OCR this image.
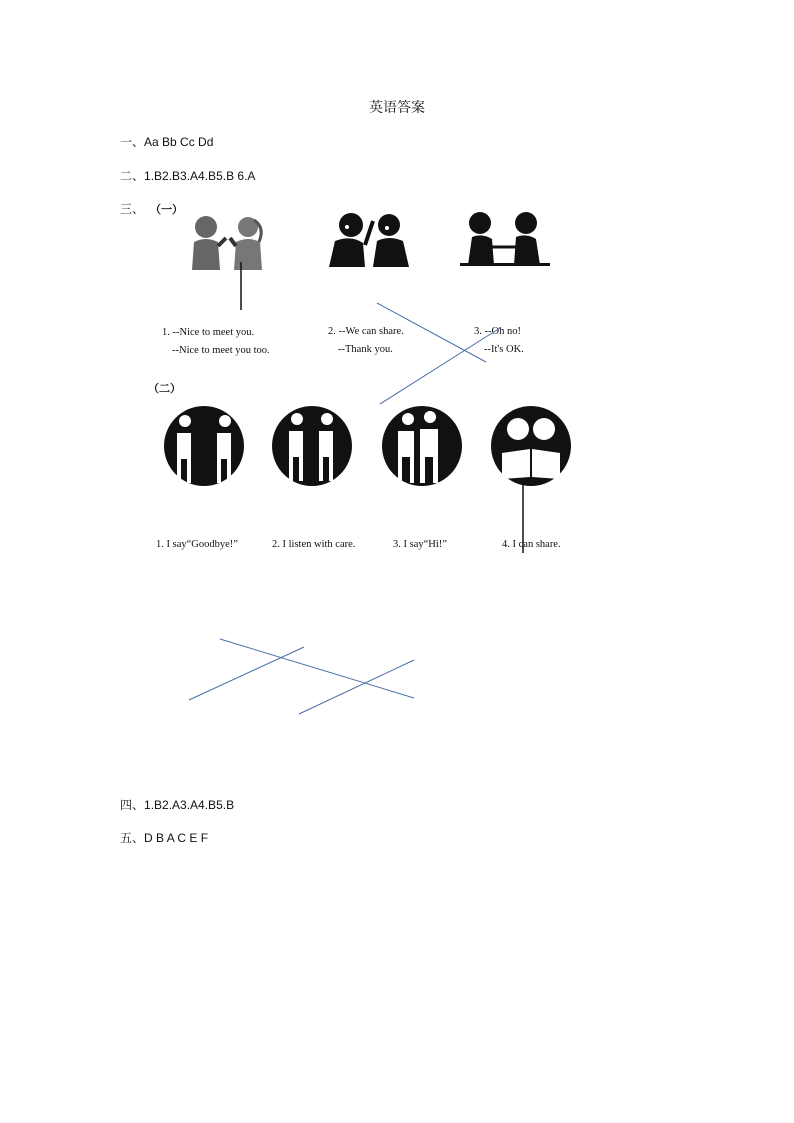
英语答案
一、Aa Bb Cc Dd
二、1.B2.B3.A4.B5.B 6.A
三、 （一）
1. --Nice to meet you.
--Nice to meet you too.
2. --We can share.
--Thank you.
3. --Oh no!
--It's OK.
（二）
1. I say“Goodbye!”	2. I listen with care.	3. I say“Hi!”	4. I can share.
四、1.B2.A3.A4.B5.B
五、D B A C E F
